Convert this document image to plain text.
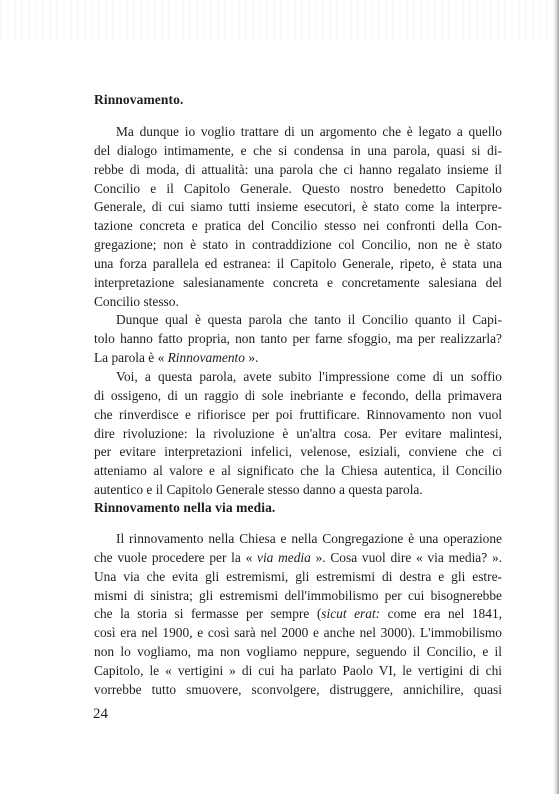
Rinnovamento.
Ma dunque io voglio trattare di un argomento che è legato a quello
del dialogo intimamente, e che si condensa in una parola, quasi si di-
rebbe di moda, di attualità: una parola che ci hanno regalato insieme il
Concilio e il Capitolo Generale. Questo nostro benedetto Capitolo
Generale, di cui siamo tutti insieme esecutori, è stato come la interpre-
tazione concreta e pratica del Concilio stesso nei confronti della Con-
gregazione; non è stato in contraddizione col Concilio, non ne è stato
una forza parallela ed estranea: il Capitolo Generale, ripeto, è stata una
interpretazione salesianamente concreta e concretamente salesiana del
Concilio stesso.
Dunque qual è questa parola che tanto il Concilio quanto il Capi-
tolo hanno fatto propria, non tanto per farne sfoggio, ma per realizzarla?
La parola è « Rinnovamento ».
Voi, a questa parola, avete subito l'impressione come di un soffio
di ossigeno, di un raggio di sole inebriante e fecondo, della primavera
che rinverdisce e rifiorisce per poi fruttificare. Rinnovamento non vuol
dire rivoluzione: la rivoluzione è un'altra cosa. Per evitare malintesi,
per evitare interpretazioni infelici, velenose, esiziali, conviene che ci
atteniamo al valore e al significato che la Chiesa autentica, il Concilio
autentico e il Capitolo Generale stesso danno a questa parola.
Rinnovamento nella via media.
Il rinnovamento nella Chiesa e nella Congregazione è una operazione
che vuole procedere per la « via media ». Cosa vuol dire « via media? ».
Una via che evita gli estremismi, gli estremismi di destra e gli estre-
mismi di sinistra; gli estremismi dell'immobilismo per cui bisognerebbe
che la storia si fermasse per sempre (sicut erat: come era nel 1841,
così era nel 1900, e così sarà nel 2000 e anche nel 3000). L'immobilismo
non lo vogliamo, ma non vogliamo neppure, seguendo il Concilio, e il
Capitolo, le « vertigini » di cui ha parlato Paolo VI, le vertigini di chi
vorrebbe tutto smuovere, sconvolgere, distruggere, annichilire, quasi

24
